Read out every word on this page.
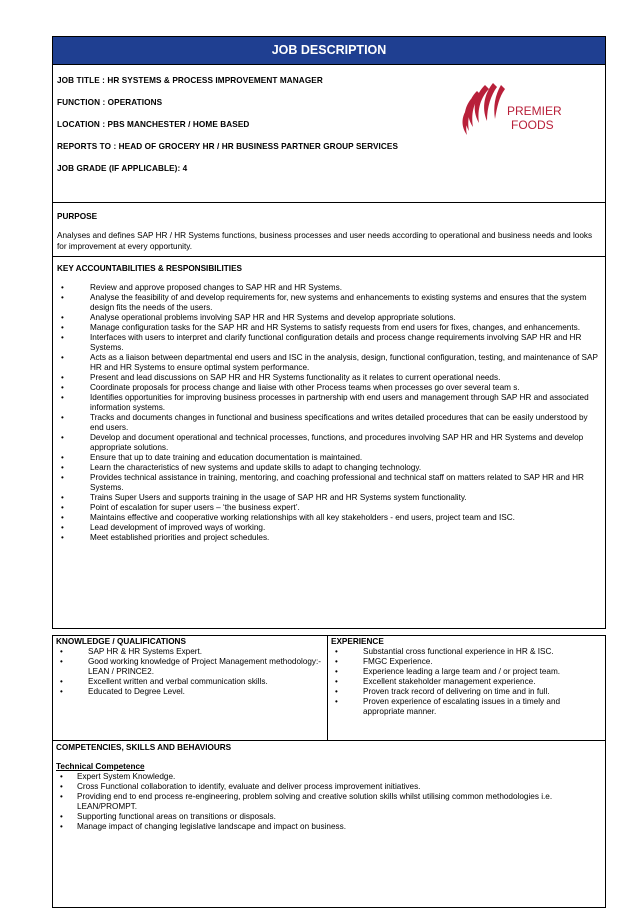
JOB DESCRIPTION
JOB TITLE : HR SYSTEMS & PROCESS IMPROVEMENT MANAGER
FUNCTION : OPERATIONS
LOCATION : PBS MANCHESTER / HOME BASED
REPORTS TO : HEAD OF GROCERY HR / HR BUSINESS PARTNER GROUP SERVICES
JOB GRADE (IF APPLICABLE): 4
PREMIER
FOODS
PURPOSE
Analyses and defines SAP HR / HR Systems functions, business processes and user needs according to operational and business needs and looks for improvement at every opportunity.
KEY ACCOUNTABILITIES & RESPONSIBILITIES
• Review and approve proposed changes to SAP HR and HR Systems.
• Analyse the feasibility of and develop requirements for, new systems and enhancements to existing systems and ensures that the system design fits the needs of the users.
• Analyse operational problems involving SAP HR and HR Systems and develop appropriate solutions.
• Manage configuration tasks for the SAP HR and HR Systems to satisfy requests from end users for fixes, changes, and enhancements.
• Interfaces with users to interpret and clarify functional configuration details and process change requirements involving SAP HR and HR Systems.
• Acts as a liaison between departmental end users and ISC in the analysis, design, functional configuration, testing, and maintenance of SAP HR and HR Systems to ensure optimal system performance.
• Present and lead discussions on SAP HR and HR Systems functionality as it relates to current operational needs.
• Coordinate proposals for process change and liaise with other Process teams when processes go over several team s.
• Identifies opportunities for improving business processes in partnership with end users and management through SAP HR and associated information systems.
• Tracks and documents changes in functional and business specifications and writes detailed procedures that can be easily understood by end users.
• Develop and document operational and technical processes, functions, and procedures involving SAP HR and HR Systems and develop appropriate solutions.
• Ensure that up to date training and education documentation is maintained.
• Learn the characteristics of new systems and update skills to adapt to changing technology.
• Provides technical assistance in training, mentoring, and coaching professional and technical staff on matters related to SAP HR and HR Systems.
• Trains Super Users and supports training in the usage of SAP HR and HR Systems system functionality.
• Point of escalation for super users – ‘the business expert’.
• Maintains effective and cooperative working relationships with all key stakeholders - end users, project team and ISC.
• Lead development of improved ways of working.
• Meet established priorities and project schedules.
KNOWLEDGE / QUALIFICATIONS
• SAP HR & HR Systems Expert.
• Good working knowledge of Project Management methodology:- LEAN / PRINCE2.
• Excellent written and verbal communication skills.
• Educated to Degree Level.
EXPERIENCE
• Substantial cross functional experience in HR & ISC.
• FMGC Experience.
• Experience leading a large team and / or project team.
• Excellent stakeholder management experience.
• Proven track record of delivering on time and in full.
• Proven experience of escalating issues in a timely and appropriate manner.
COMPETENCIES, SKILLS AND BEHAVIOURS
Technical Competence
• Expert System Knowledge.
• Cross Functional collaboration to identify, evaluate and deliver process improvement initiatives.
• Providing end to end process re-engineering, problem solving and creative solution skills whilst utilising common methodologies i.e. LEAN/PROMPT.
• Supporting functional areas on transitions or disposals.
• Manage impact of changing legislative landscape and impact on business.
